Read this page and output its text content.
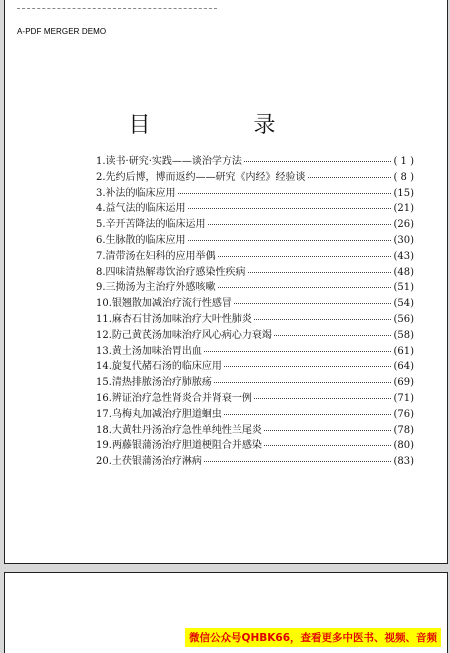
A-PDF MERGER DEMO
目 录
1.读书·研究·实践——谈治学方法	( 1 )
2.先约后博，博而返约——研究《内经》经验谈	( 8 )
3.补法的临床应用	(15)
4.益气法的临床运用	(21)
5.辛开苦降法的临床运用	(26)
6.生脉散的临床应用	(30)
7.清带汤在妇科的应用举偶	(43)
8.四味清热解毒饮治疗感染性疾病	(48)
9.三拗汤为主治疗外感咳嗽	(51)
10.银翘散加减治疗流行性感冒	(54)
11.麻杏石甘汤加味治疗大叶性肺炎	(56)
12.防己黄芪汤加味治疗风心病心力衰竭	(58)
13.黄土汤加味治胃出血	(61)
14.旋复代赭石汤的临床应用	(64)
15.清热排脓汤治疗肺脓疡	(69)
16.辨证治疗急性肾炎合并肾衰一例	(71)
17.乌梅丸加减治疗胆道蛔虫	(76)
18.大黄牡丹汤治疗急性单纯性兰尾炎	(78)
19.两藤银蒲汤治疗胆道梗阻合并感染	(80)
20.土茯银蒲汤治疗淋病	(83)
微信公众号QHBK66，查看更多中医书、视频、音频
